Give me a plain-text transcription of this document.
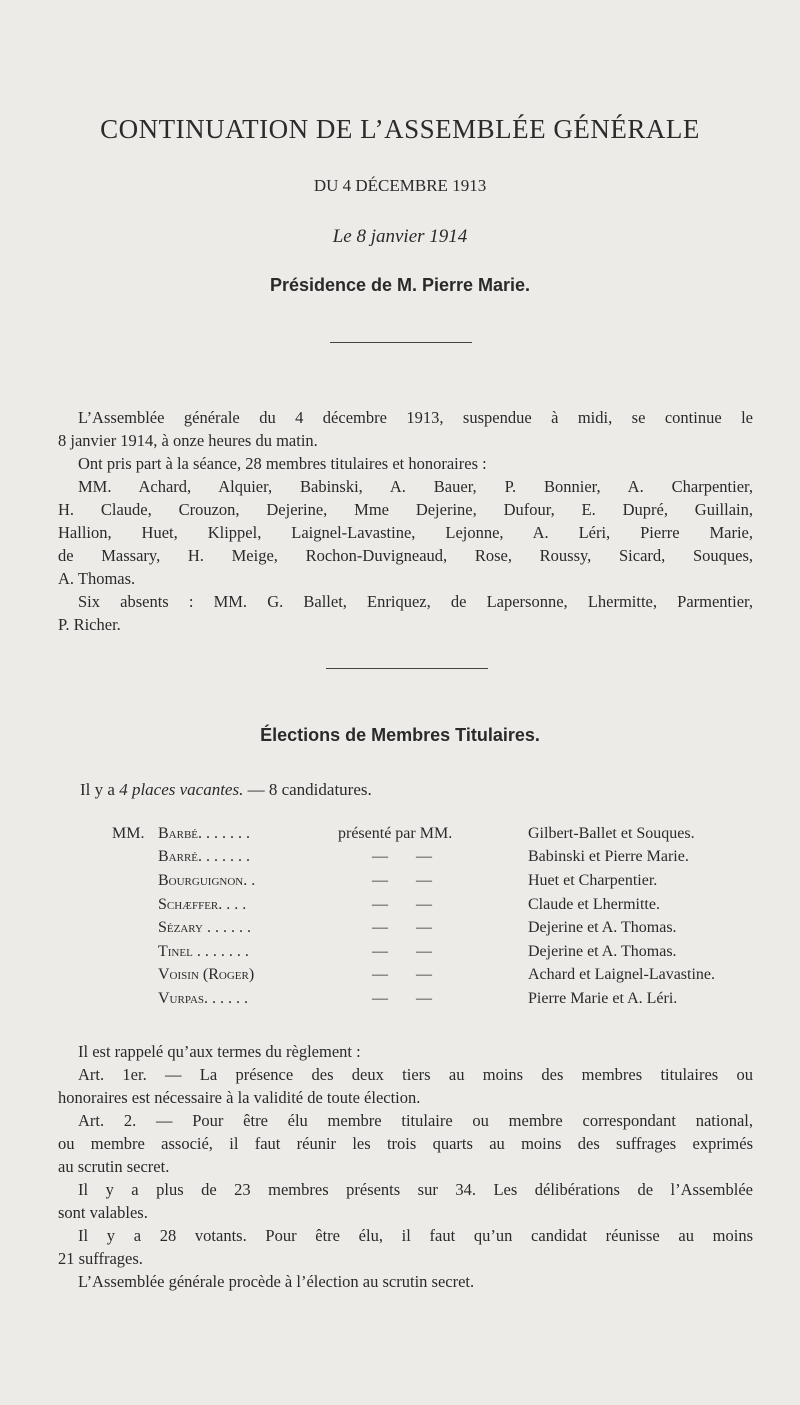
CONTINUATION DE L’ASSEMBLÉE GÉNÉRALE
DU 4 DÉCEMBRE 1913
Le 8 janvier 1914
Présidence de M. Pierre Marie.
L’Assemblée générale du 4 décembre 1913, suspendue à midi, se continue le
8 janvier 1914, à onze heures du matin.
Ont pris part à la séance, 28 membres titulaires et honoraires :
MM. Achard, Alquier, Babinski, A. Bauer, P. Bonnier, A. Charpentier,
H. Claude, Crouzon, Dejerine, Mme Dejerine, Dufour, E. Dupré, Guillain,
Hallion, Huet, Klippel, Laignel-Lavastine, Lejonne, A. Léri, Pierre Marie,
de Massary, H. Meige, Rochon-Duvigneaud, Rose, Roussy, Sicard, Souques,
A. Thomas.
Six absents : MM. G. Ballet, Enriquez, de Lapersonne, Lhermitte, Parmentier,
P. Richer.
Élections de Membres Titulaires.
Il y a 4 places vacantes. — 8 candidatures.
MM.	Barbé. . . . . . .	présenté par MM.	Gilbert-Ballet et Souques.
	Barré. . . . . . .	—  —	Babinski et Pierre Marie.
	Bourguignon. .	—  —	Huet et Charpentier.
	Schæffer. . . .	—  —	Claude et Lhermitte.
	Sézary . . . . . .	—  —	Dejerine et A. Thomas.
	Tinel . . . . . . .	—  —	Dejerine et A. Thomas.
	Voisin (Roger)	—  —	Achard et Laignel-Lavastine.
	Vurpas. . . . . .	—  —	Pierre Marie et A. Léri.
Il est rappelé qu’aux termes du règlement :
Art. 1er. — La présence des deux tiers au moins des membres titulaires ou
honoraires est nécessaire à la validité de toute élection.
Art. 2. — Pour être élu membre titulaire ou membre correspondant national,
ou membre associé, il faut réunir les trois quarts au moins des suffrages exprimés
au scrutin secret.
Il y a plus de 23 membres présents sur 34. Les délibérations de l’Assemblée
sont valables.
Il y a 28 votants. Pour être élu, il faut qu’un candidat réunisse au moins
21 suffrages.
L’Assemblée générale procède à l’élection au scrutin secret.
